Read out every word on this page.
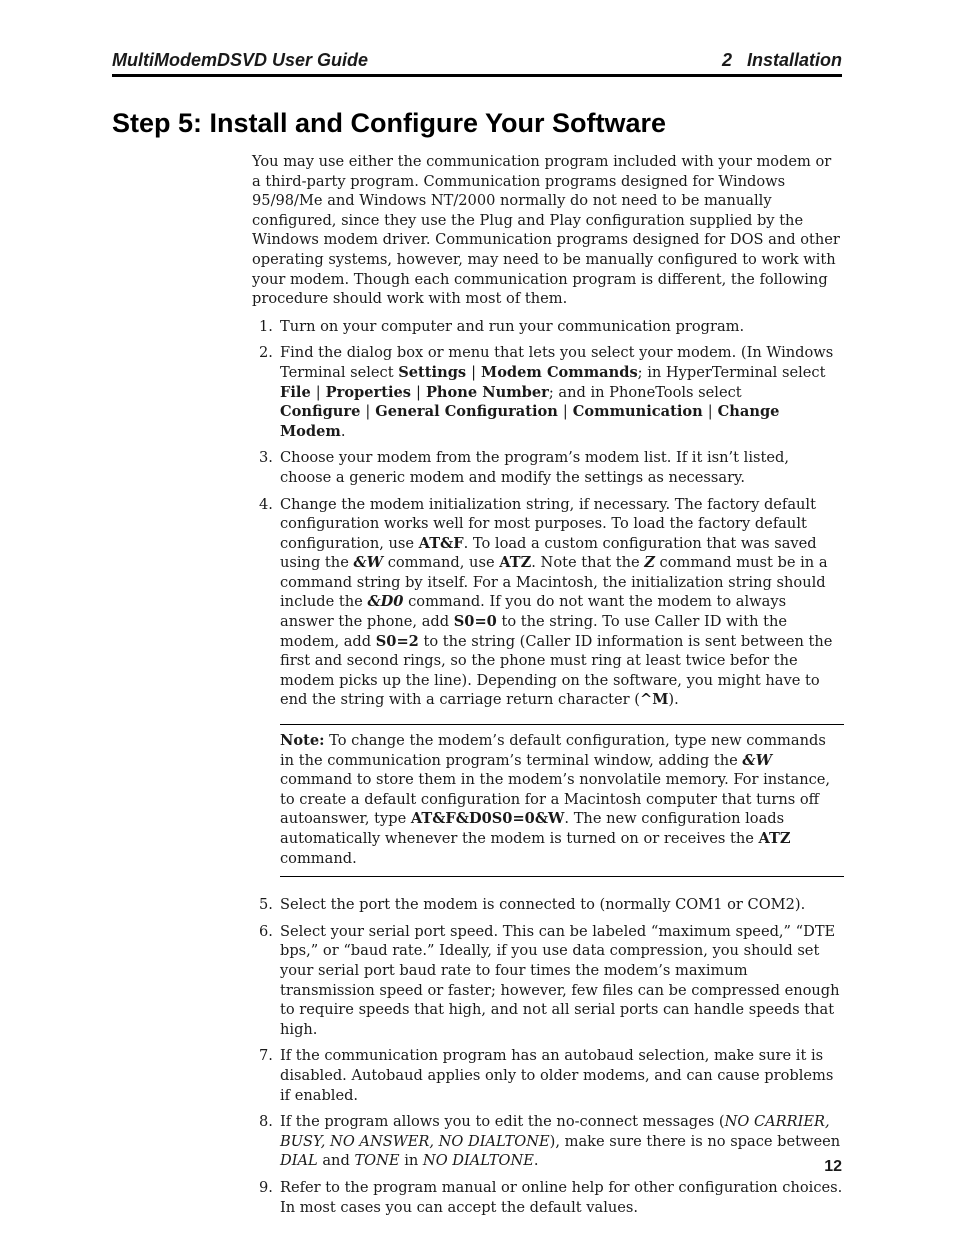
MultiModemDSVD User Guide	2   Installation
Step 5: Install and Configure Your Software

You may use either the communication program included with your modem or a third-party program. Communication programs designed for Windows 95/98/Me and Windows NT/2000 normally do not need to be manually configured, since they use the Plug and Play configuration supplied by the Windows modem driver. Communication programs designed for DOS and other operating systems, however, may need to be manually configured to work with your modem. Though each communication program is different, the following procedure should work with most of them.

1. Turn on your computer and run your communication program.
2. Find the dialog box or menu that lets you select your modem. (In Windows Terminal select Settings | Modem Commands; in HyperTerminal select File | Properties | Phone Number; and in PhoneTools select Configure | General Configuration | Communication | Change Modem.
3. Choose your modem from the program’s modem list. If it isn’t listed, choose a generic modem and modify the settings as necessary.
4. Change the modem initialization string, if necessary. The factory default configuration works well for most purposes. To load the factory default configuration, use AT&F. To load a custom configuration that was saved using the &W command, use ATZ. Note that the Z command must be in a command string by itself. For a Macintosh, the initialization string should include the &D0 command. If you do not want the modem to always answer the phone, add S0=0 to the string. To use Caller ID with the modem, add S0=2 to the string (Caller ID information is sent between the first and second rings, so the phone must ring at least twice befor the modem picks up the line). Depending on the software, you might have to end the string with a carriage return character (^M).
Note: To change the modem’s default configuration, type new commands in the communication program’s terminal window, adding the &W command to store them in the modem’s nonvolatile memory. For instance, to create a default configuration for a Macintosh computer that turns off autoanswer, type AT&F&D0S0=0&W. The new configuration loads automatically whenever the modem is turned on or receives the ATZ command.
5. Select the port the modem is connected to (normally COM1 or COM2).
6. Select your serial port speed. This can be labeled “maximum speed,” “DTE bps,” or “baud rate.” Ideally, if you use data compression, you should set your serial port baud rate to four times the modem’s maximum transmission speed or faster; however, few files can be compressed enough to require speeds that high, and not all serial ports can handle speeds that high.
7. If the communication program has an autobaud selection, make sure it is disabled. Autobaud applies only to older modems, and can cause problems if enabled.
8. If the program allows you to edit the no-connect messages (NO CARRIER, BUSY, NO ANSWER, NO DIALTONE), make sure there is no space between DIAL and TONE in NO DIALTONE.
9. Refer to the program manual or online help for other configuration choices. In most cases you can accept the default values.
12
